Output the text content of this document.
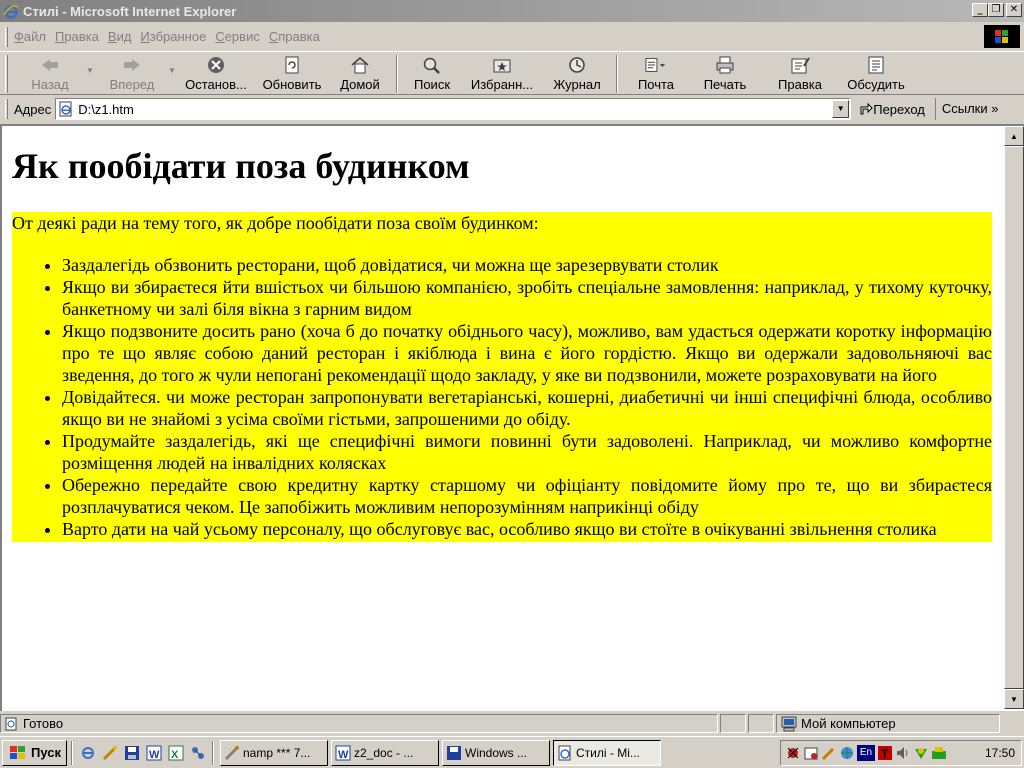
Стилі - Microsoft Internet Explorer	_ ❐ ✕
Файл Правка Вид Избранное Сервис Справка
Назад
▼
Вперед
▼
Останов... Обновить Домой	Поиск Избранн... Журнал	Почта Печать Правка Обсудить
Адрес D:\z1.htm	▼	Переход	Ссылки »
Як пообідати поза будинком

От деякі ради на тему того, як добре пообідати поза своїм будинком:

• Заздалегідь обзвонить ресторани, щоб довідатися, чи можна ще зарезервувати столик
• Якщо ви збираєтеся йти вшістьох чи більшою компанією, зробіть спеціальне замовлення: наприклад, у тихому куточку, банкетному чи залі біля вікна з гарним видом
• Якщо подзвоните досить рано (хоча б до початку обіднього часу), можливо, вам удасться одержати коротку інформацію про те що являє собою даний ресторан і якіблюда і вина є його гордістю. Якщо ви одержали задовольняючі вас зведення, до того ж чули непогані рекомендації щодо закладу, у яке ви подзвонили, можете розраховувати на його
• Довідайтеся. чи може ресторан запропонувати вегетаріанські, кошерні, диабетичні чи інші специфічні блюда, особливо якщо ви не знайомі з усіма своїми гістьми, запрошеними до обіду.
• Продумайте заздалегідь, які ще специфічні вимоги повинні бути задоволені. Наприклад, чи можливо комфортне розміщення людей на інвалідних колясках
• Обережно передайте свою кредитну картку старшому чи офіціанту повідомите йому про те, що ви збираєтеся розплачуватися чеком. Це запобіжить можливим непорозумінням наприкінці обіду
• Варто дати на чай усьому персоналу, що обслуговує вас, особливо якщо ви стоїте в очікуванні звільнення столика
▲
▼
Готово	Мой компьютер
Пуск	W X	namp *** 7...	W z2_doc - ...	Windows ...	Стилі - Mi...	En T	17:50
